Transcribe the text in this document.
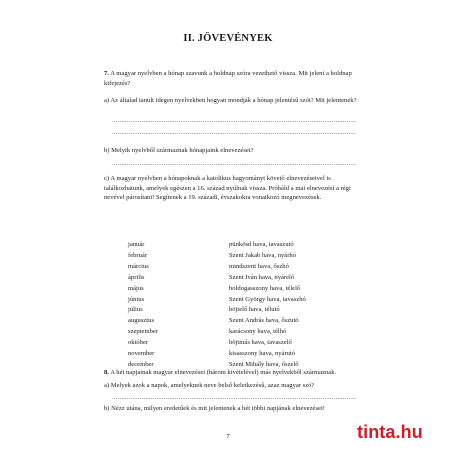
II. JÖVEVÉNYEK

7. A magyar nyelvben a hónap szavunk a holdnap szóra vezethető vissza. Mit jelent a holdnap kifejezés?

a) Az általad tanult idegen nyelvekben hogyan mondják a hónap jelentésű szót? Mit jelentenek?

....................................................................................................................................
....................................................................................................................................

b) Melyik nyelvből származnak hónapjaink elnevezései?

....................................................................................................................................

c) A magyar nyelvben a hónapoknak a katolikus hagyományt követő elnevezéseivel is találkozhatunk, amelyek egészen a 16. század nyúlnak vissza. Próbáld a mai elnevezést a régi nevével párosítani! Segítenek a 19. századi, évszakokra vonatkozó megnevezések.

január
február
március
április
május
június
július
augusztus
szeptember
október
november
december
pünkösd hava, tavaszutó
Szent Jakab hava, nyárhó
mindszent hava, őszhó
Szent Iván hava, nyárelő
boldogasszony hava, télelő
Szent György hava, tavaszhó
böjtelő hava, télutó
Szent András hava, őszutó
karácsony hava, télhó
böjtmás hava, tavaszelő
kisasszony hava, nyárutó
Szent Mihály hava, őszelő

8. A hét napjainak magyar elnevezései (három kivételével) más nyelvekből származnak.

a) Melyek azok a napok, amelyeknek neve belső keletkezésű, azaz magyar szó?

....................................................................................................................................

b) Nézz utána, milyen eredetűek és mit jelentenek a hét többi napjának elnevezései!

7	tinta.hu
